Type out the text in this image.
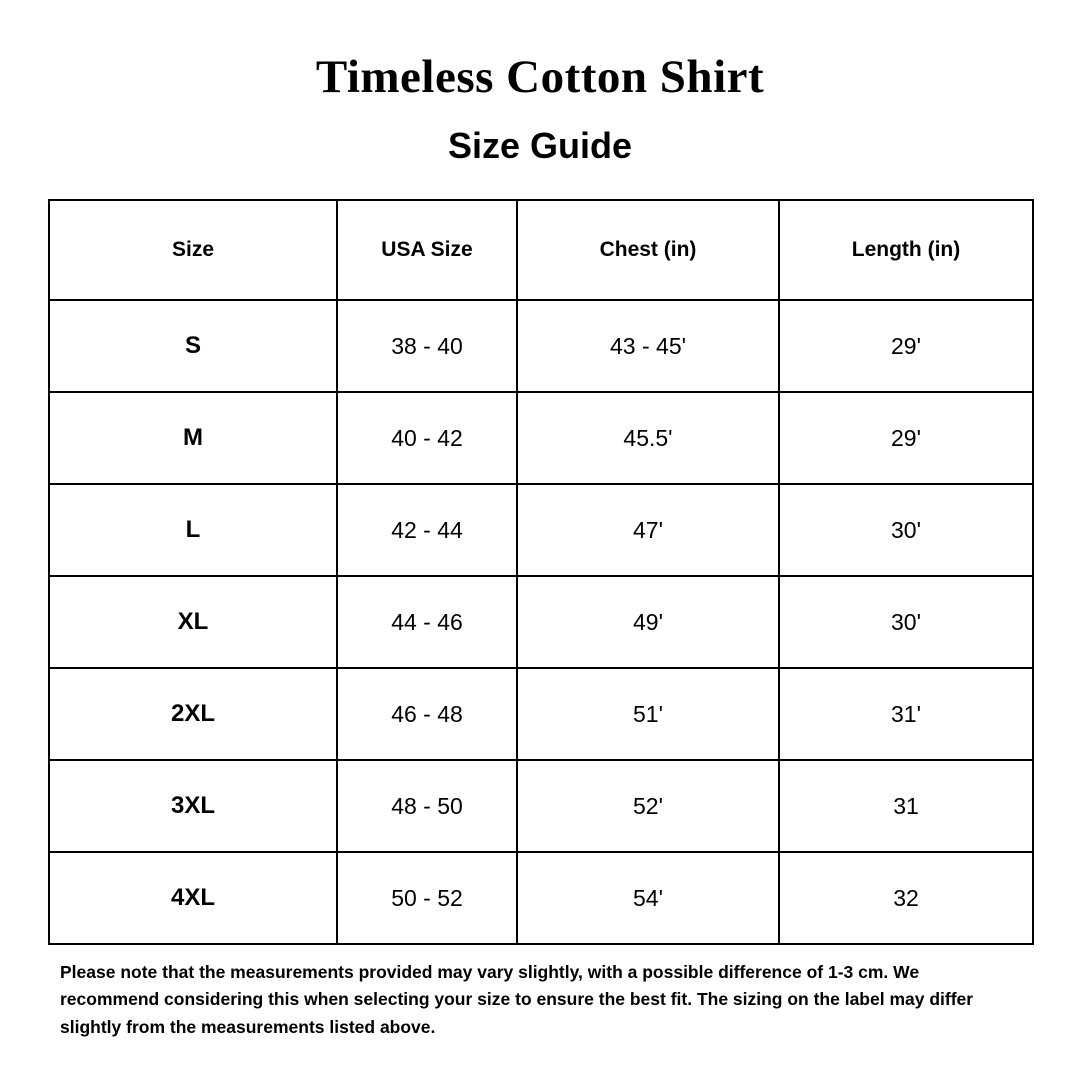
Timeless Cotton Shirt
Size Guide
Size	USA Size	Chest (in)	Length (in)
S	38 - 40	43 - 45'	29'
M	40 - 42	45.5'	29'
L	42 - 44	47'	30'
XL	44 - 46	49'	30'
2XL	46 - 48	51'	31'
3XL	48 - 50	52'	31
4XL	50 - 52	54'	32

Please note that the measurements provided may vary slightly, with a possible difference of 1-3 cm. We recommend considering this when selecting your size to ensure the best fit. The sizing on the label may differ slightly from the measurements listed above.
